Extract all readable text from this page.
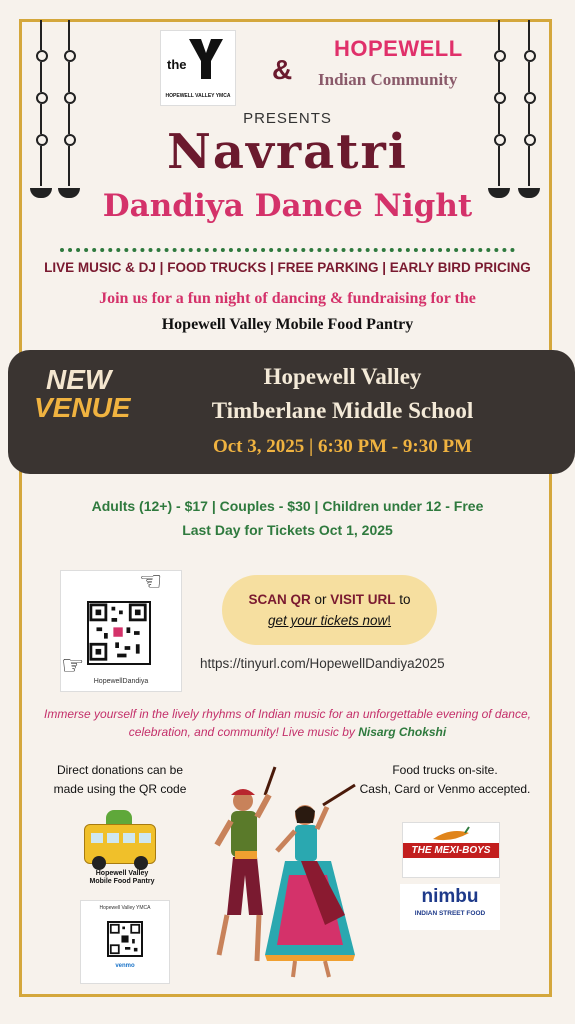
the
HOPEWELL VALLEY YMCA
&
HOPEWELL
Indian Community
PRESENTS
Navratri
Dandiya Dance Night
LIVE MUSIC & DJ | FOOD TRUCKS | FREE PARKING | EARLY BIRD PRICING
Join us for a fun night of dancing & fundraising for the
Hopewell Valley Mobile Food Pantry
NEW
VENUE
Hopewell Valley
Timberlane Middle School
Oct 3, 2025 | 6:30 PM - 9:30 PM
Adults (12+) - $17 | Couples - $30 | Children under 12 - Free
Last Day for Tickets Oct 1, 2025
☜
☞
HopewellDandiya
SCAN QR or VISIT URL to
get your tickets now!
https://tinyurl.com/HopewellDandiya2025
Immerse yourself in the lively rhyhms of Indian music for an unforgettable evening of dance, celebration, and community! Live music by Nisarg Chokshi
Direct donations can be
made using the QR code
Food trucks on-site.
Cash, Card or Venmo accepted.
Hopewell Valley
Mobile Food Pantry
Hopewell Valley YMCA
venmo
THE MEXI-BOYS
nimbu
INDIAN STREET FOOD
